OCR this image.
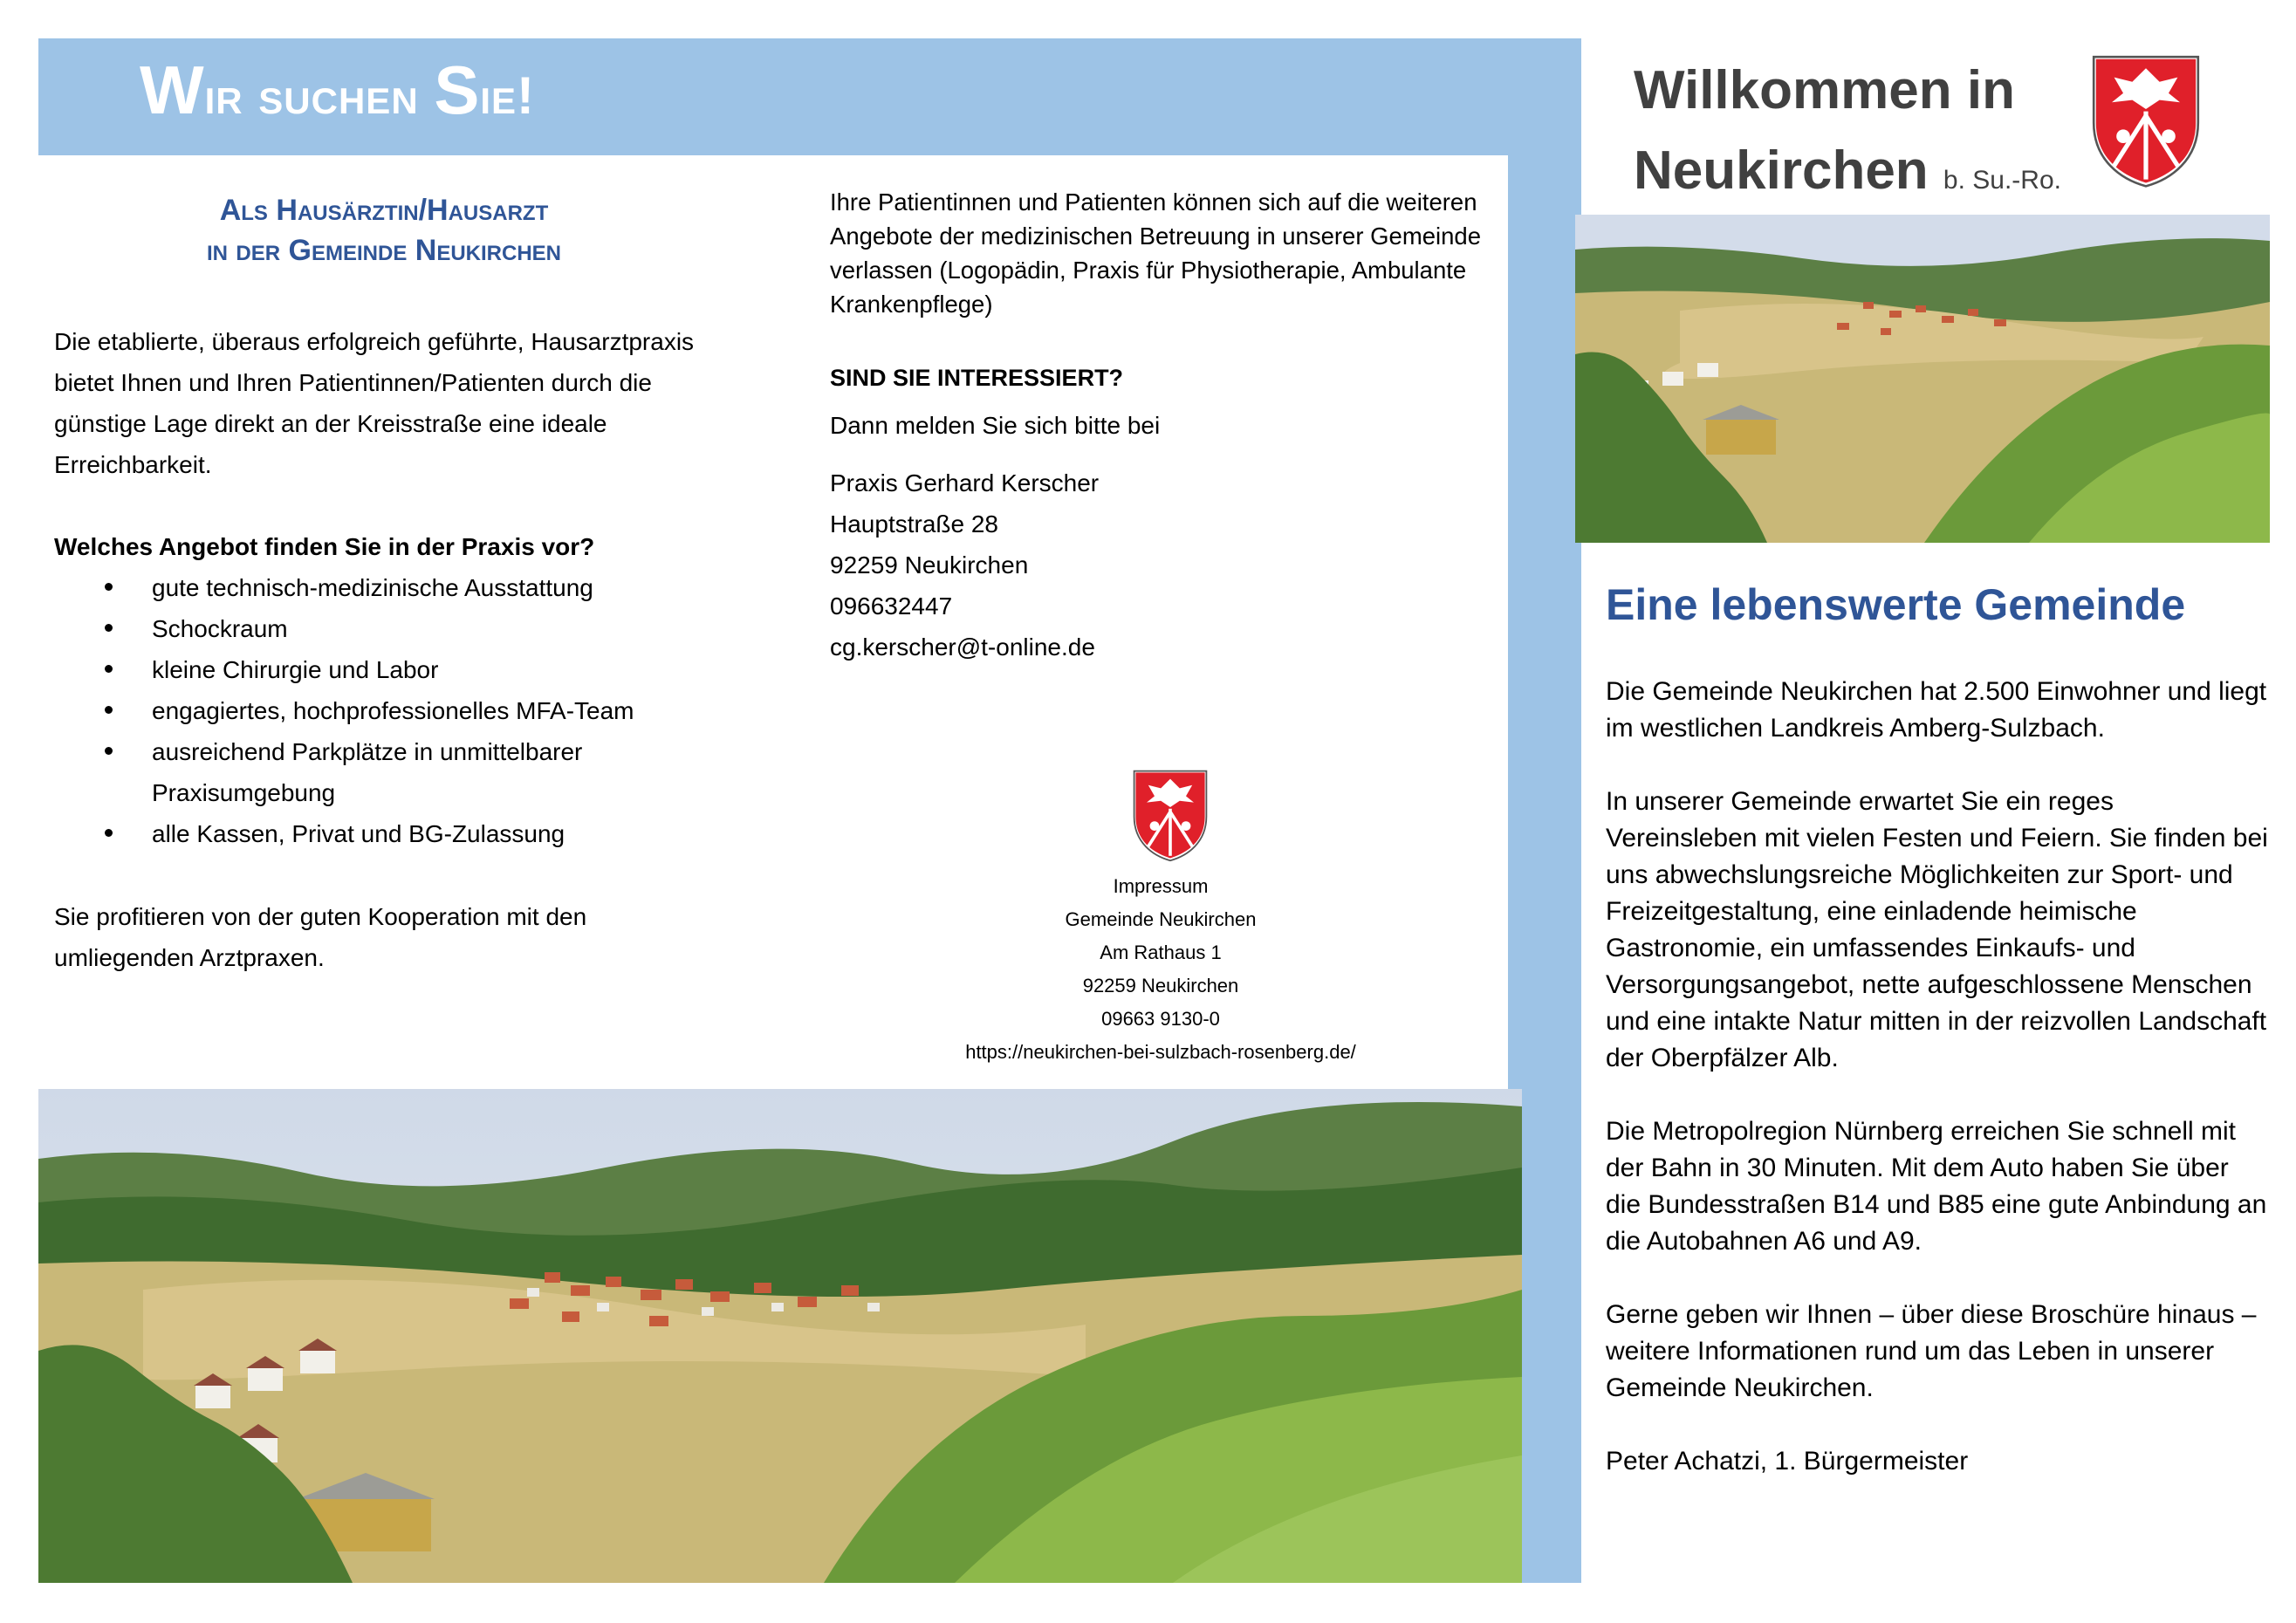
Wir suchen Sie!
Als Hausärztin/Hausarzt
in der Gemeinde Neukirchen
Die etablierte, überaus erfolgreich geführte, Hausarztpraxis bietet Ihnen und Ihren Patientinnen/Patienten durch die günstige Lage direkt an der Kreisstraße eine ideale Erreichbarkeit.
Welches Angebot finden Sie in der Praxis vor?
gute technisch-medizinische Ausstattung
Schockraum
kleine Chirurgie und Labor
engagiertes, hochprofessionelles MFA-Team
ausreichend Parkplätze in unmittelbarer Praxisumgebung
alle Kassen, Privat und BG-Zulassung
Sie profitieren von der guten Kooperation mit den umliegenden Arztpraxen.
Ihre Patientinnen und Patienten können sich auf die weiteren Angebote der medizinischen Betreuung in unserer Gemeinde verlassen (Logopädin, Praxis für Physiotherapie, Ambulante Krankenpflege)
SIND SIE INTERESSIERT?
Dann melden Sie sich bitte bei
Praxis Gerhard Kerscher
Hauptstraße 28
92259 Neukirchen
096632447
cg.kerscher@t-online.de
Impressum
Gemeinde Neukirchen
Am Rathaus 1
92259 Neukirchen
09663 9130-0
https://neukirchen-bei-sulzbach-rosenberg.de/
Willkommen in
Neukirchen b. Su.-Ro.
Eine lebenswerte Gemeinde

Die Gemeinde Neukirchen hat 2.500 Einwohner und liegt im westlichen Landkreis Amberg-Sulzbach.

In unserer Gemeinde erwartet Sie ein reges Vereinsleben mit vielen Festen und Feiern. Sie finden bei uns abwechslungsreiche Möglichkeiten zur Sport- und Freizeitgestaltung, eine einladende heimische Gastronomie, ein umfassendes Einkaufs- und Versorgungsangebot, nette aufgeschlossene Menschen und eine intakte Natur mitten in der reizvollen Landschaft der Oberpfälzer Alb.

Die Metropolregion Nürnberg erreichen Sie schnell mit der Bahn in 30 Minuten. Mit dem Auto haben Sie über die Bundesstraßen B14 und B85 eine gute Anbindung an die Autobahnen A6 und A9.

Gerne geben wir Ihnen – über diese Broschüre hinaus – weitere Informationen rund um das Leben in unserer Gemeinde Neukirchen.

Peter Achatzi, 1. Bürgermeister
